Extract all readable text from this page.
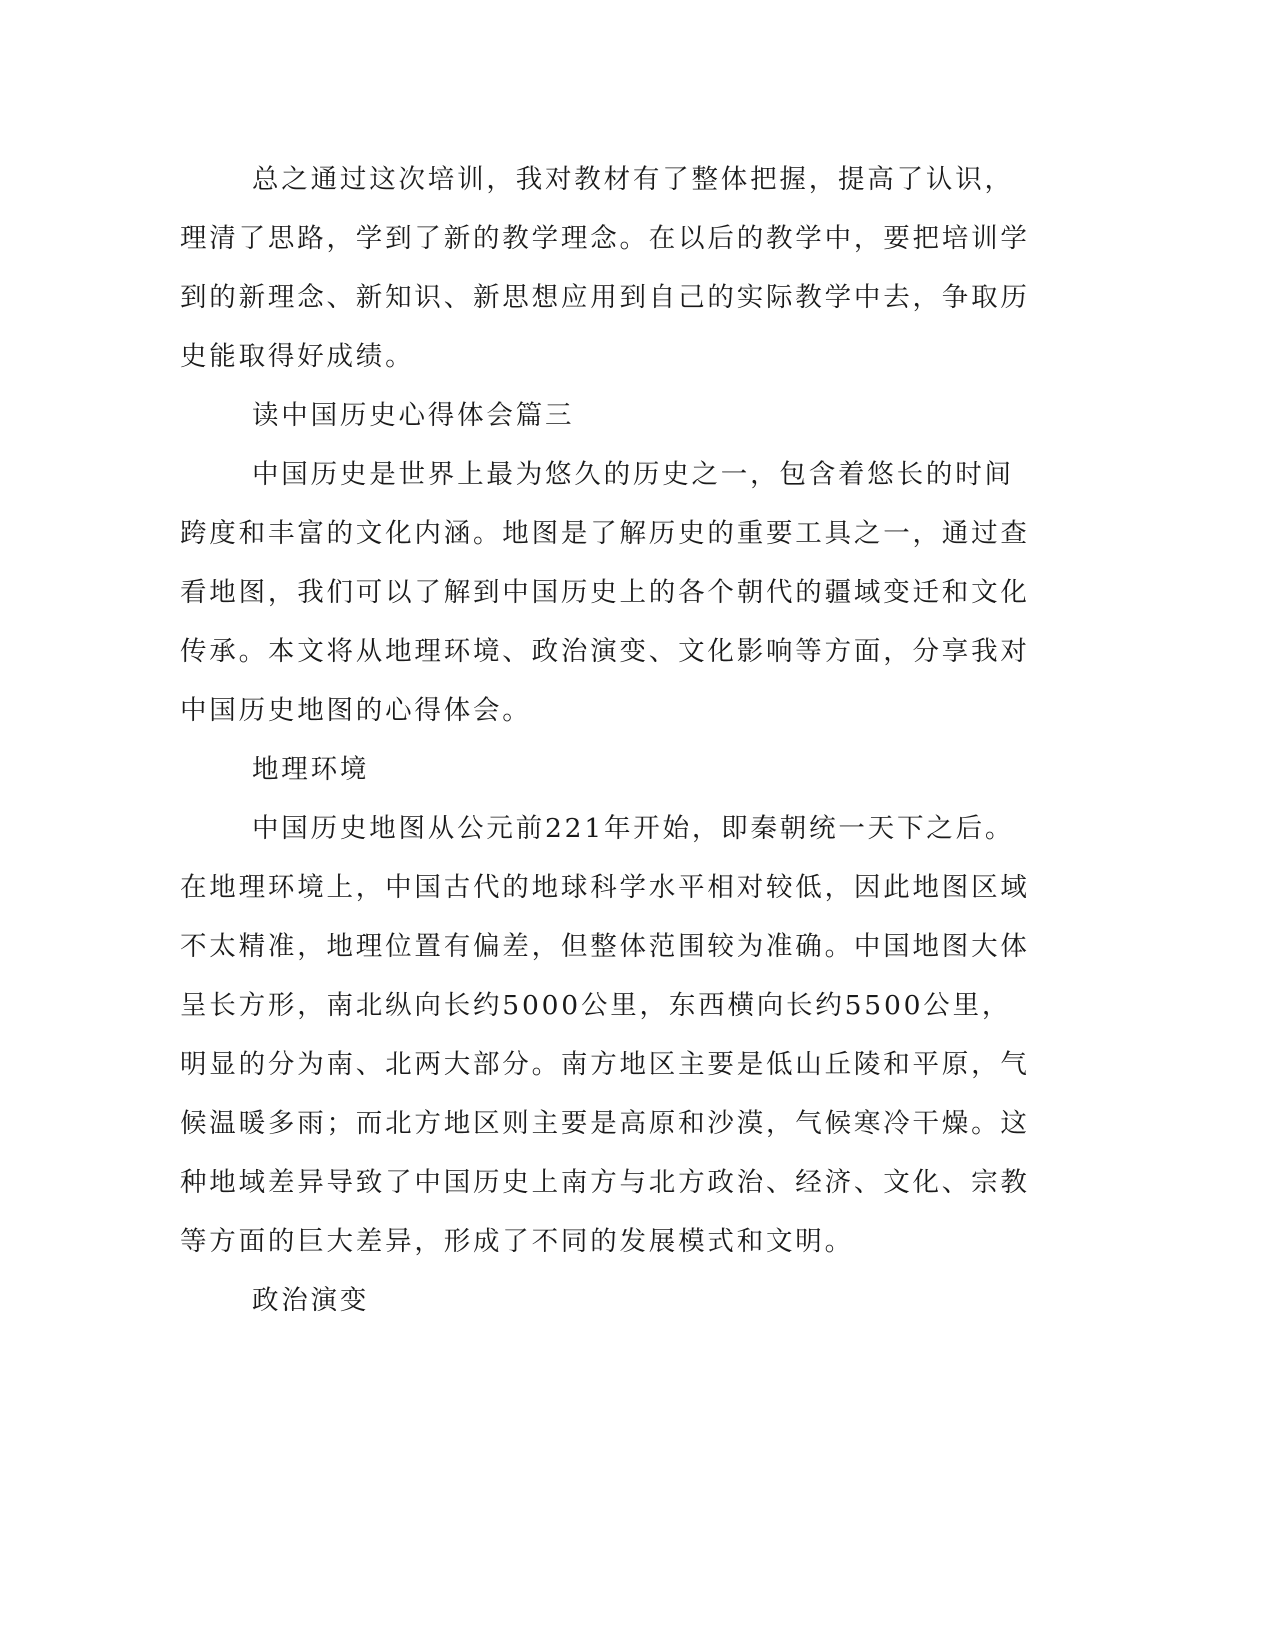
总之通过这次培训，我对教材有了整体把握，提高了认识，理清了思路，学到了新的教学理念。在以后的教学中，要把培训学到的新理念、新知识、新思想应用到自己的实际教学中去，争取历史能取得好成绩。

读中国历史心得体会篇三

中国历史是世界上最为悠久的历史之一，包含着悠长的时间跨度和丰富的文化内涵。地图是了解历史的重要工具之一，通过查看地图，我们可以了解到中国历史上的各个朝代的疆域变迁和文化传承。本文将从地理环境、政治演变、文化影响等方面，分享我对中国历史地图的心得体会。

地理环境

中国历史地图从公元前221年开始，即秦朝统一天下之后。在地理环境上，中国古代的地球科学水平相对较低，因此地图区域不太精准，地理位置有偏差，但整体范围较为准确。中国地图大体呈长方形，南北纵向长约5000公里，东西横向长约5500公里，明显的分为南、北两大部分。南方地区主要是低山丘陵和平原，气候温暖多雨；而北方地区则主要是高原和沙漠，气候寒冷干燥。这种地域差异导致了中国历史上南方与北方政治、经济、文化、宗教等方面的巨大差异，形成了不同的发展模式和文明。

政治演变
